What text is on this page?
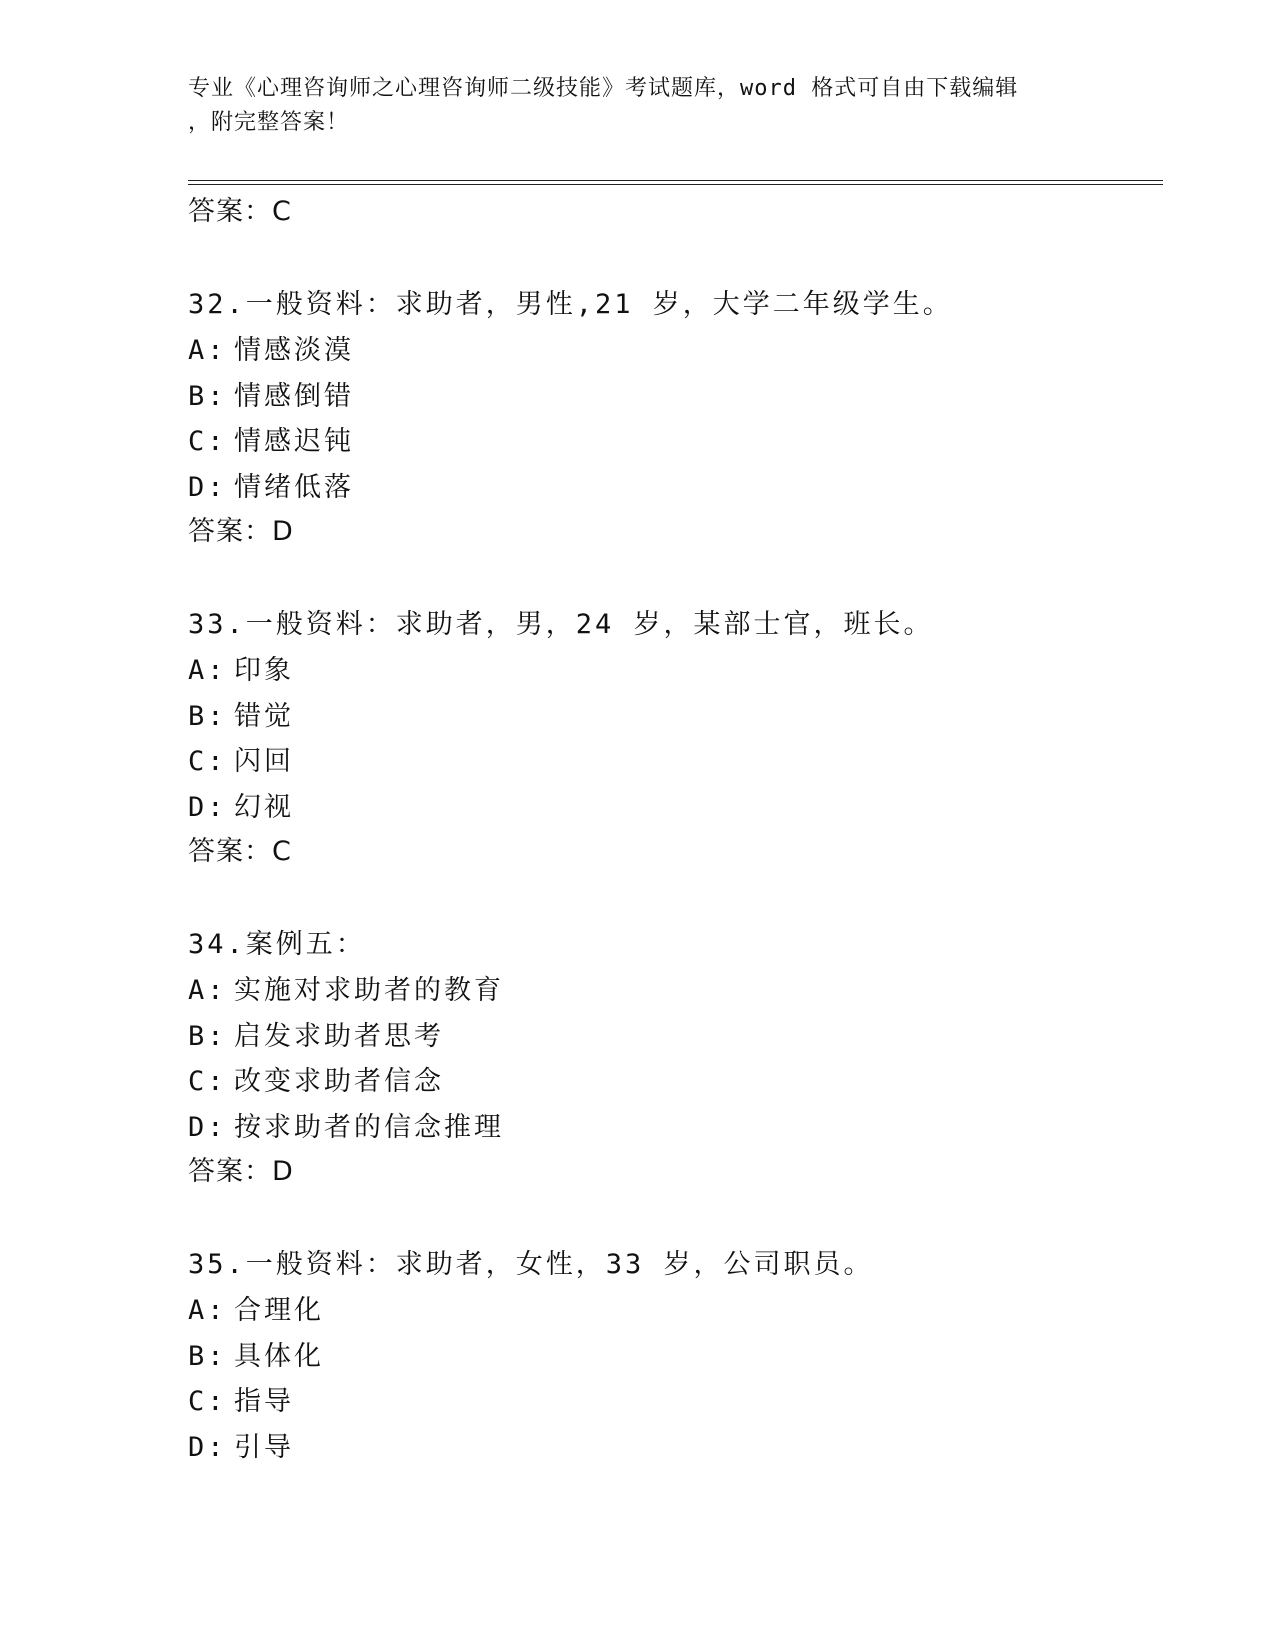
专业《心理咨询师之心理咨询师二级技能》考试题库，word 格式可自由下载编辑
，附完整答案！
答案：C
32.一般资料：求助者，男性,21 岁，大学二年级学生。
A: 情感淡漠
B: 情感倒错
C: 情感迟钝
D: 情绪低落
答案：D
33.一般资料：求助者，男，24 岁，某部士官，班长。
A: 印象
B: 错觉
C: 闪回
D: 幻视
答案：C
34.案例五：
A: 实施对求助者的教育
B: 启发求助者思考
C: 改变求助者信念
D: 按求助者的信念推理
答案：D
35.一般资料：求助者，女性，33 岁，公司职员。
A: 合理化
B: 具体化
C: 指导
D: 引导
